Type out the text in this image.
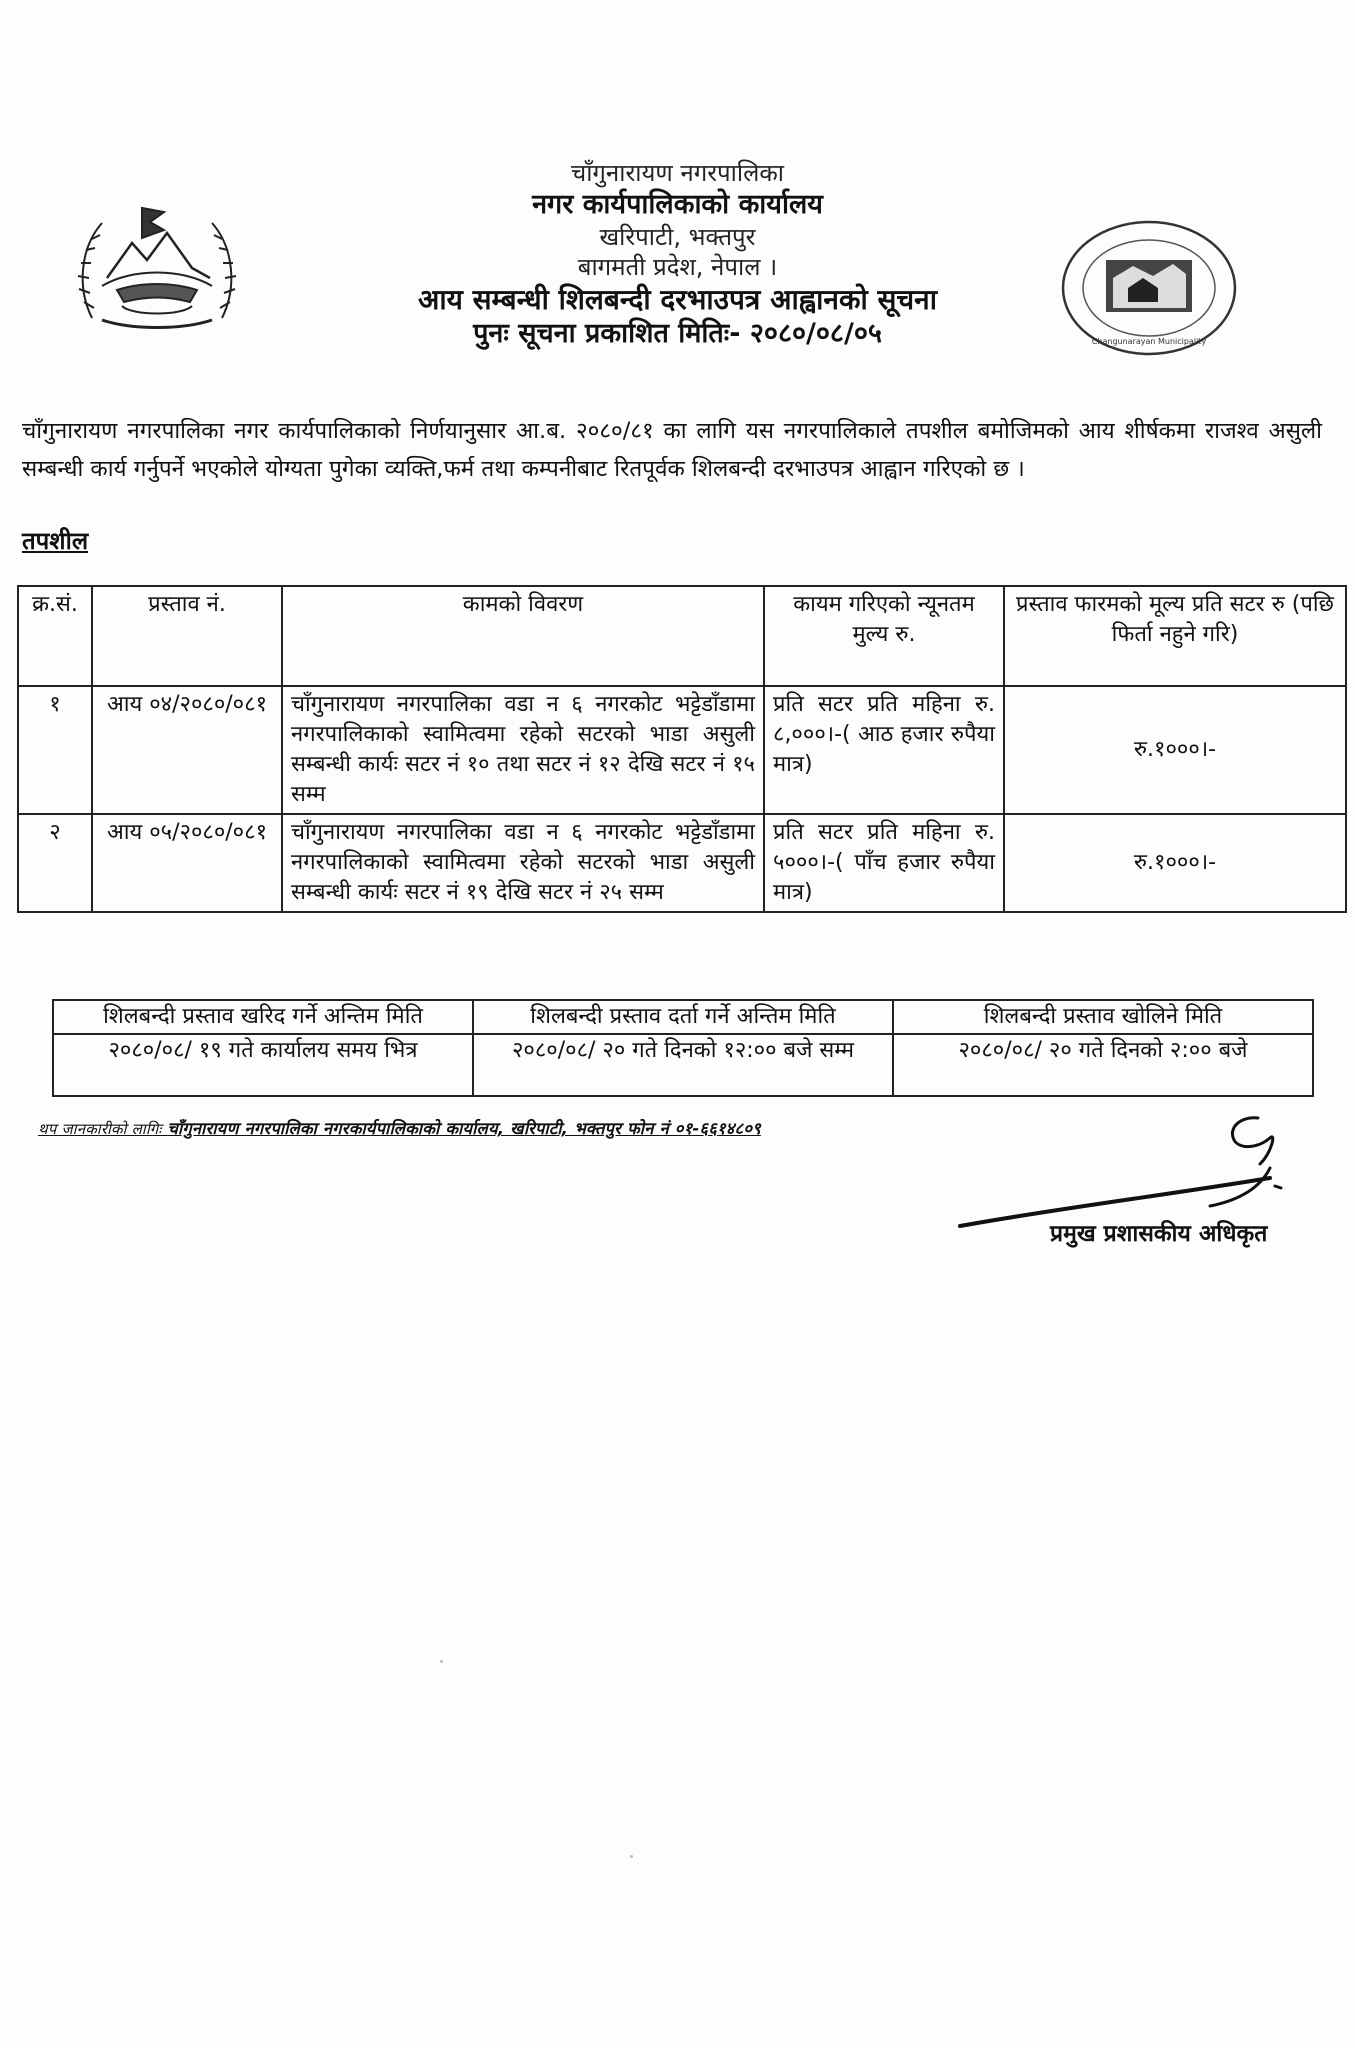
Changunarayan Municipality
चाँगुनारायण नगरपालिका
नगर कार्यपालिकाको कार्यालय
खरिपाटी, भक्तपुर
बागमती प्रदेश, नेपाल ।
आय सम्बन्धी शिलबन्दी दरभाउपत्र आह्वानको सूचना
पुनः सूचना प्रकाशित मितिः- २०८०/०८/०५
चाँगुनारायण नगरपालिका नगर कार्यपालिकाको निर्णयानुसार आ.ब. २०८०/८१ का लागि यस नगरपालिकाले तपशील बमोजिमको आय शीर्षकमा राजश्व असुली सम्बन्धी कार्य गर्नुपर्ने भएकोले योग्यता पुगेका व्यक्ति,फर्म तथा कम्पनीबाट रितपूर्वक शिलबन्दी दरभाउपत्र आह्वान गरिएको छ ।
तपशील
क्र.सं.	प्रस्ताव नं.	कामको विवरण	कायम गरिएको न्यूनतम मुल्य रु.	प्रस्ताव फारमको मूल्य प्रति सटर रु (पछि फिर्ता नहुने गरि)
१	आय ०४/२०८०/०८१	चाँगुनारायण नगरपालिका वडा न ६ नगरकोट भट्टेडाँडामा नगरपालिकाको स्वामित्वमा रहेको सटरको भाडा असुली सम्बन्धी कार्यः सटर नं १० तथा सटर नं १२ देखि सटर नं १५ सम्म	प्रति सटर प्रति महिना रु. ८,०००।-( आठ हजार रुपैया मात्र)	रु.१०००।-
२	आय ०५/२०८०/०८१	चाँगुनारायण नगरपालिका वडा न ६ नगरकोट भट्टेडाँडामा नगरपालिकाको स्वामित्वमा रहेको सटरको भाडा असुली सम्बन्धी कार्यः सटर नं १९ देखि सटर नं २५ सम्म	प्रति सटर प्रति महिना रु. ५०००।-( पाँच हजार रुपैया मात्र)	रु.१०००।-
शिलबन्दी प्रस्ताव खरिद गर्ने अन्तिम मिति	शिलबन्दी प्रस्ताव दर्ता गर्ने अन्तिम मिति	शिलबन्दी प्रस्ताव खोलिने मिति
२०८०/०८/ १९ गते कार्यालय समय भित्र	२०८०/०८/ २० गते दिनको १२:०० बजे सम्म	२०८०/०८/ २० गते दिनको २:०० बजे
थप जानकारीको लागिः चाँगुनारायण नगरपालिका नगरकार्यपालिकाको कार्यालय, खरिपाटी, भक्तपुर फोन नं ०१-६६१४८०९
प्रमुख प्रशासकीय अधिकृत
